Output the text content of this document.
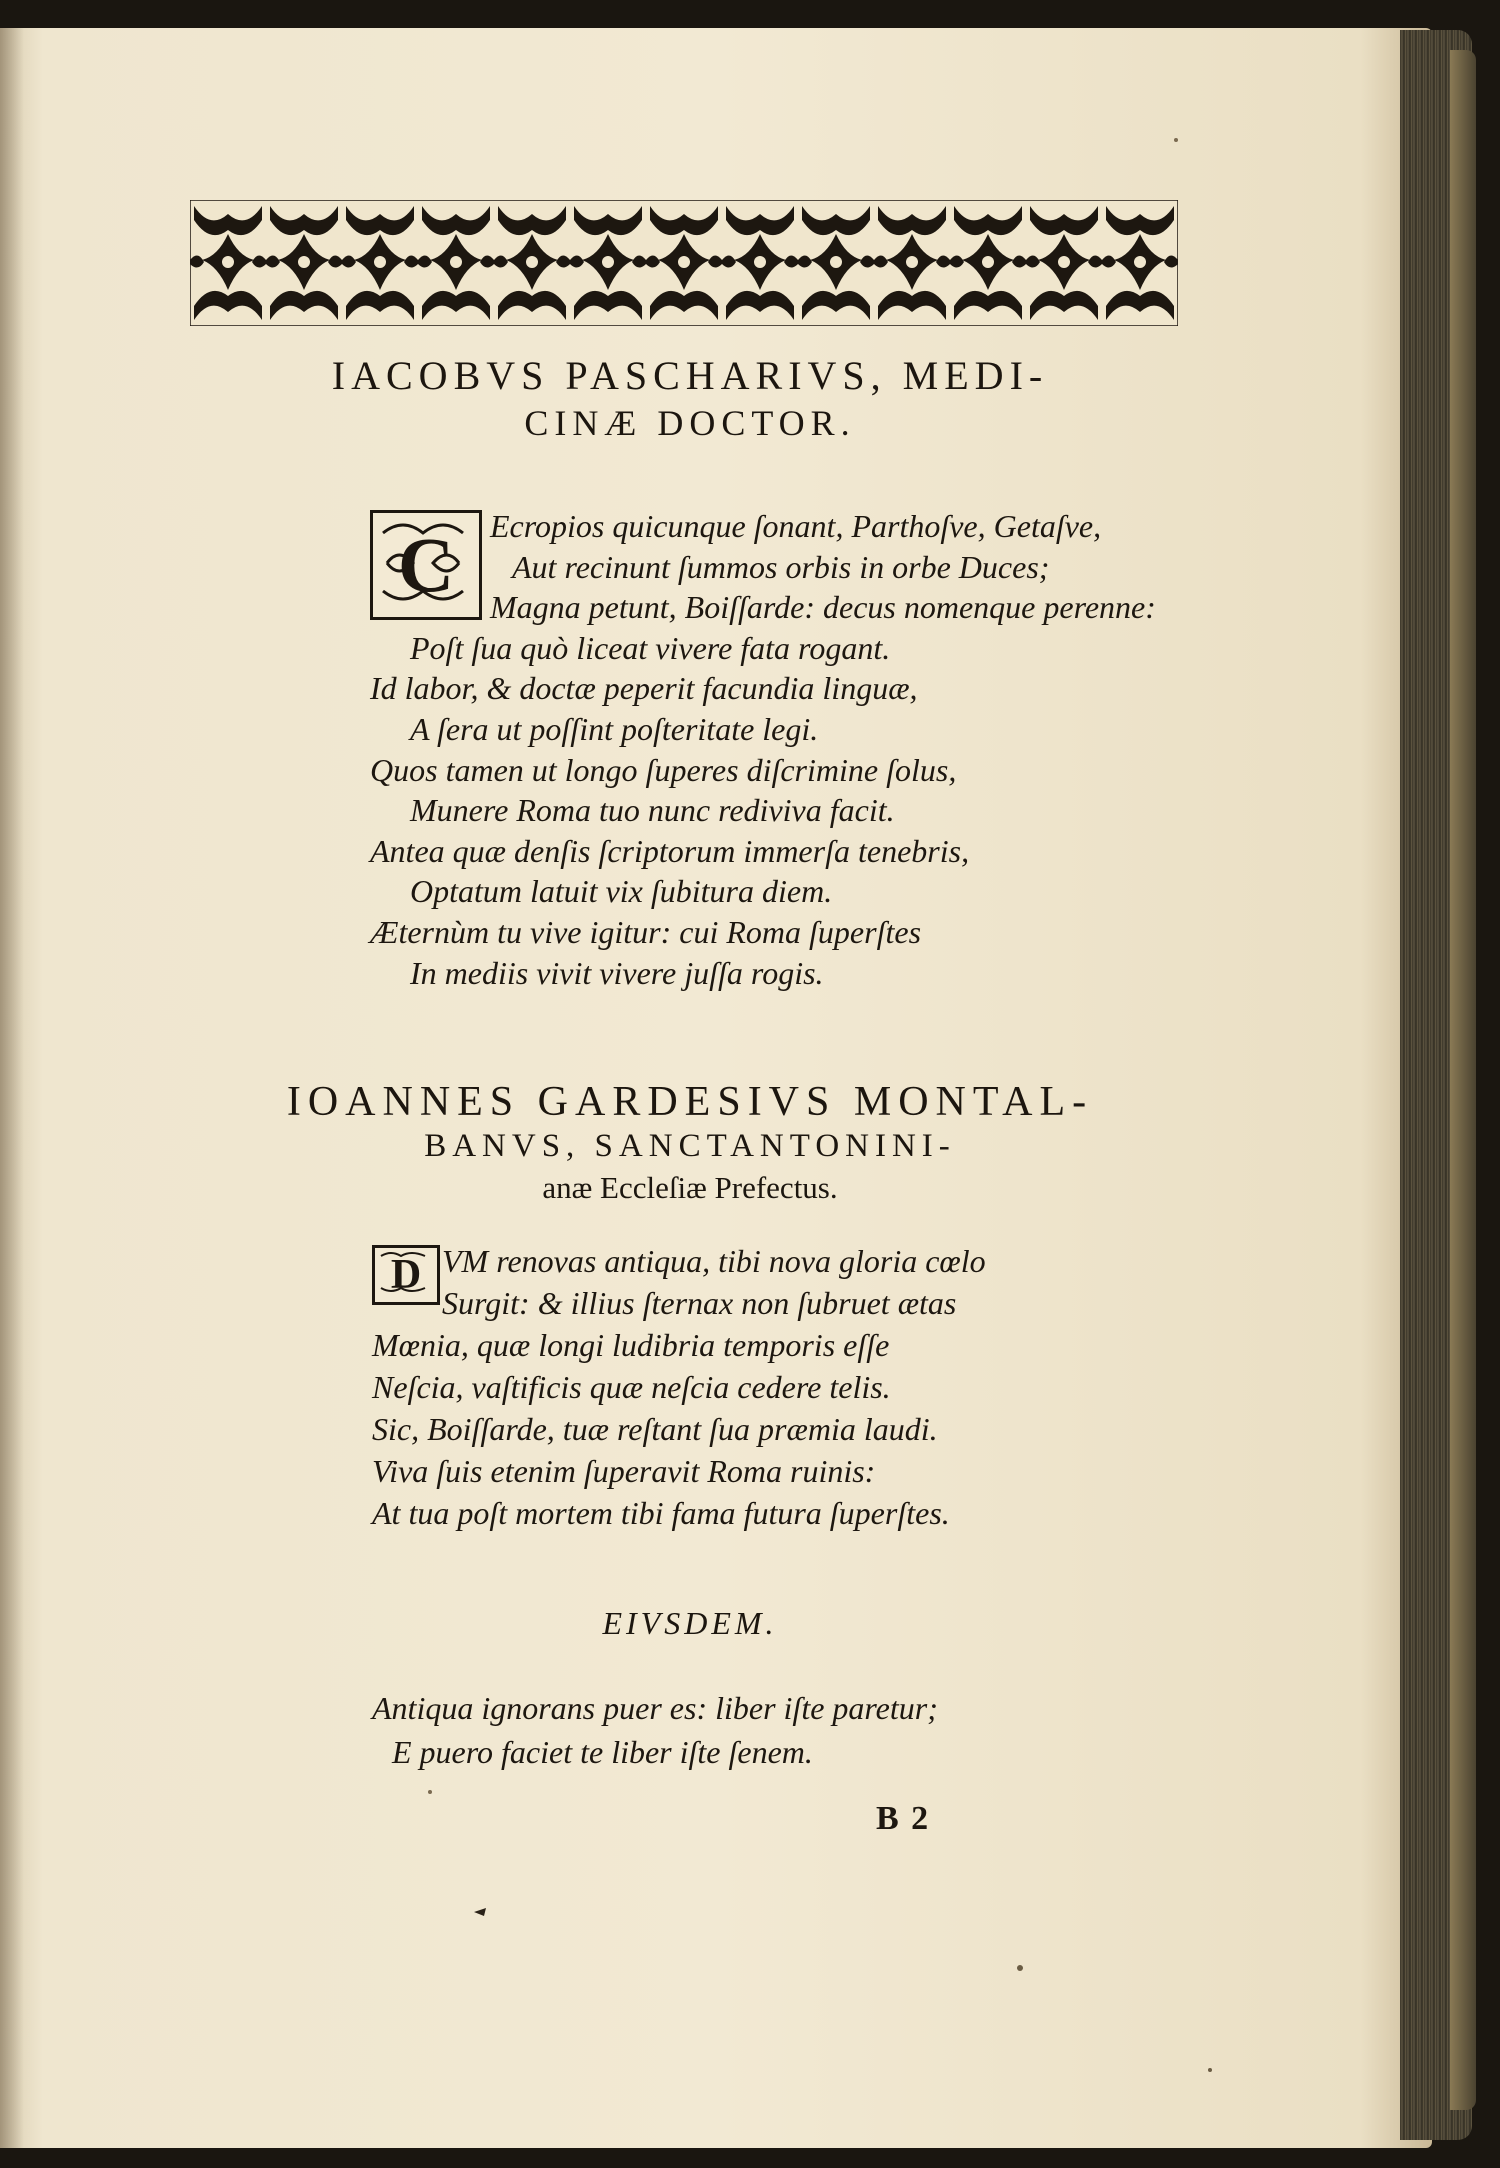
IACOBVS PASCHARIVS, MEDI-
CINÆ DOCTOR.
Ecropios quicunque ſonant, Parthoſve, Getaſve,
Aut recinunt ſummos orbis in orbe Duces;
Magna petunt, Boiſſarde: decus nomenque perenne:
Poſt ſua quò liceat vivere fata rogant.
Id labor, & doctæ peperit facundia linguæ,
A ſera ut poſſint poſteritate legi.
Quos tamen ut longo ſuperes diſcrimine ſolus,
Munere Roma tuo nunc rediviva facit.
Antea quæ denſis ſcriptorum immerſa tenebris,
Optatum latuit vix ſubitura diem.
Æternùm tu vive igitur: cui Roma ſuperſtes
In mediis vivit vivere juſſa rogis.
C
IOANNES GARDESIVS MONTAL-
BANVS, SANCTANTONINI-
anæ Eccleſiæ Prefectus.
VM renovas antiqua, tibi nova gloria cœlo
Surgit: & illius ſternax non ſubruet ætas
Mœnia, quæ longi ludibria temporis eſſe
Neſcia, vaſtificis quæ neſcia cedere telis.
Sic, Boiſſarde, tuæ reſtant ſua præmia laudi.
Viva ſuis etenim ſuperavit Roma ruinis:
At tua poſt mortem tibi fama futura ſuperſtes.
D
EIVSDEM.
Antiqua ignorans puer es: liber iſte paretur;
E puero faciet te liber iſte ſenem.
B 2
